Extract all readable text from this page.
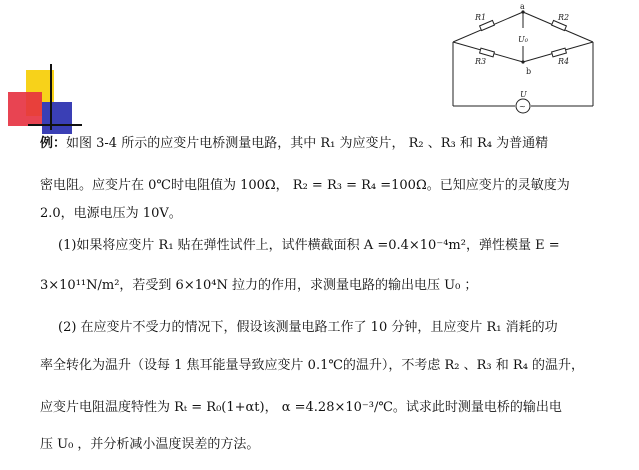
a
b
R1	R2
R3	R4
U₀
U
~
例：如图 3-4 所示的应变片电桥测量电路，其中 R₁ 为应变片， R₂ 、R₃ 和 R₄ 为普通精
密电阻。应变片在 0℃时电阻值为 100Ω， R₂ = R₃ = R₄ =100Ω。已知应变片的灵敏度为
2.0，电源电压为 10V。
(1)如果将应变片 R₁ 贴在弹性试件上，试件横截面积 A =0.4×10⁻⁴m²，弹性模量 E =
3×10¹¹N/m²，若受到 6×10⁴N 拉力的作用，求测量电路的输出电压 U₀ ；
(2) 在应变片不受力的情况下，假设该测量电路工作了 10 分钟，且应变片 R₁ 消耗的功
率全转化为温升（设每 1 焦耳能量导致应变片 0.1℃的温升），不考虑 R₂ 、R₃ 和 R₄ 的温升，
应变片电阻温度特性为 Rₜ = R₀(1+αt)， α =4.28×10⁻³/℃。试求此时测量电桥的输出电
压 U₀ ，并分析减小温度误差的方法。
